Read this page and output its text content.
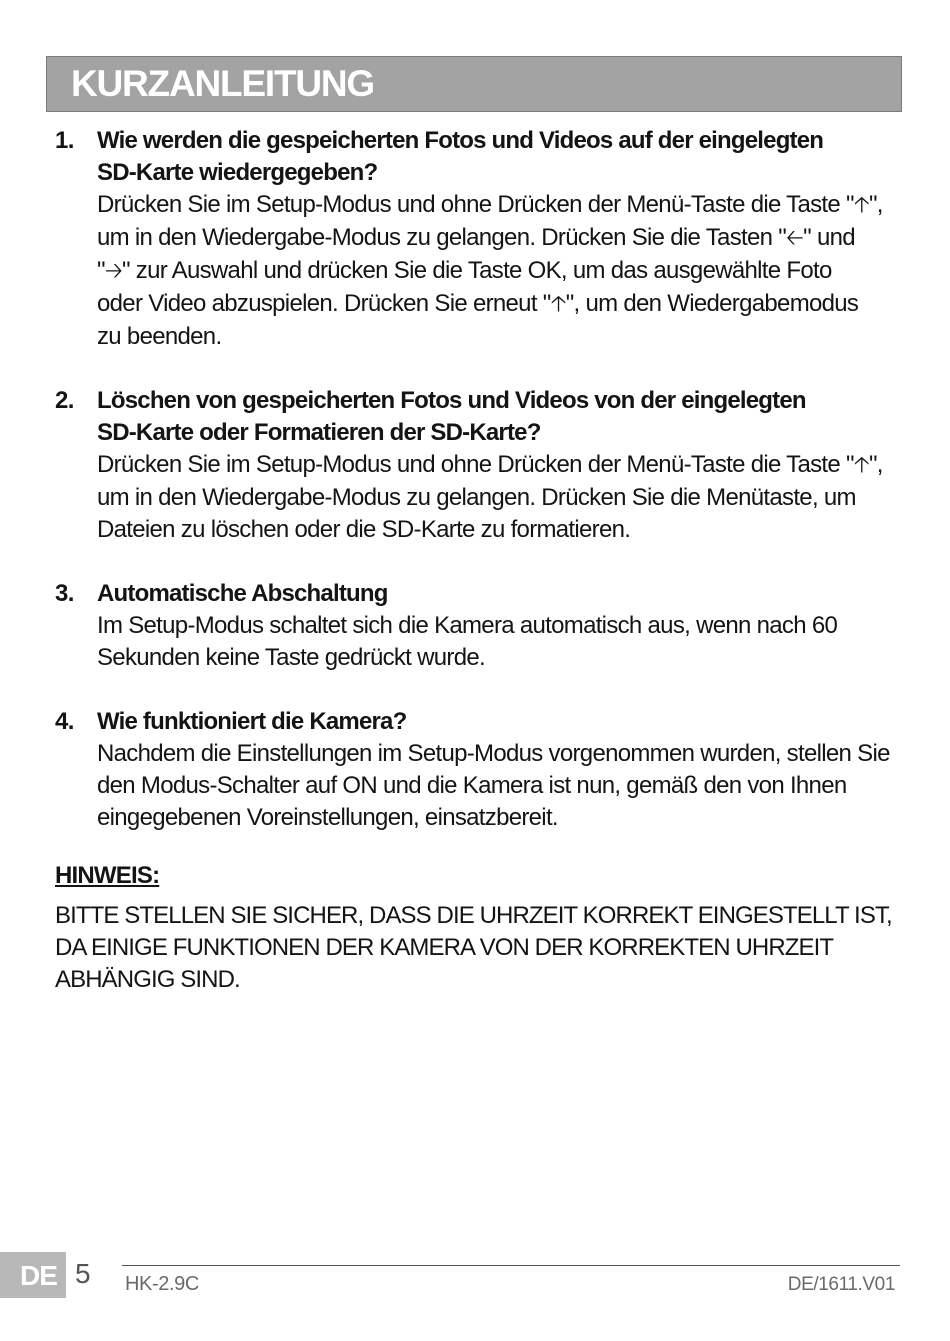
KURZANLEITUNG
1. Wie werden die gespeicherten Fotos und Videos auf der eingelegten
SD-Karte wiedergegeben?
Drücken Sie im Setup-Modus und ohne Drücken der Menü-Taste die Taste "🡡",
um in den Wiedergabe-Modus zu gelangen. Drücken Sie die Tasten "🡠" und
"🡢" zur Auswahl und drücken Sie die Taste OK, um das ausgewählte Foto
oder Video abzuspielen. Drücken Sie erneut "🡡", um den Wiedergabemodus
zu beenden.
2. Löschen von gespeicherten Fotos und Videos von der eingelegten
SD-Karte oder Formatieren der SD-Karte?
Drücken Sie im Setup-Modus und ohne Drücken der Menü-Taste die Taste "🡡",
um in den Wiedergabe-Modus zu gelangen. Drücken Sie die Menütaste, um
Dateien zu löschen oder die SD-Karte zu formatieren.
3. Automatische Abschaltung
Im Setup-Modus schaltet sich die Kamera automatisch aus, wenn nach 60
Sekunden keine Taste gedrückt wurde.
4. Wie funktioniert die Kamera?
Nachdem die Einstellungen im Setup-Modus vorgenommen wurden, stellen Sie
den Modus-Schalter auf ON und die Kamera ist nun, gemäß den von Ihnen
eingegebenen Voreinstellungen, einsatzbereit.
HINWEIS:
BITTE STELLEN SIE SICHER, DASS DIE UHRZEIT KORREKT EINGESTELLT IST,
DA EINIGE FUNKTIONEN DER KAMERA VON DER KORREKTEN UHRZEIT
ABHÄNGIG SIND.
DE 5 HK-2.9C	DE/1611.V01
